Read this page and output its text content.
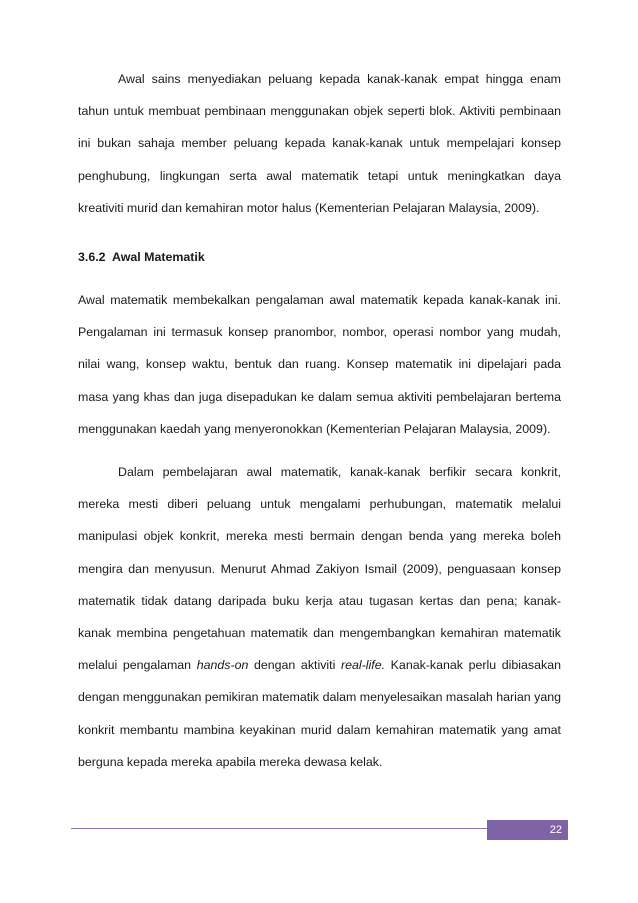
Awal sains menyediakan peluang kepada kanak-kanak empat hingga enam tahun untuk membuat pembinaan menggunakan objek seperti blok. Aktiviti pembinaan ini bukan sahaja member peluang kepada kanak-kanak untuk mempelajari konsep penghubung, lingkungan serta awal matematik tetapi untuk meningkatkan daya kreativiti murid dan kemahiran motor halus (Kementerian Pelajaran Malaysia, 2009).

3.6.2  Awal Matematik

Awal matematik membekalkan pengalaman awal matematik kepada kanak-kanak ini. Pengalaman ini termasuk konsep pranombor, nombor, operasi nombor yang mudah, nilai wang, konsep waktu, bentuk dan ruang. Konsep matematik ini dipelajari pada masa yang khas dan juga disepadukan ke dalam semua aktiviti pembelajaran bertema menggunakan kaedah yang menyeronokkan (Kementerian Pelajaran Malaysia, 2009).

Dalam pembelajaran awal matematik, kanak-kanak berfikir secara konkrit, mereka mesti diberi peluang untuk mengalami perhubungan, matematik melalui manipulasi objek konkrit, mereka mesti bermain dengan benda yang mereka boleh mengira dan menyusun. Menurut Ahmad Zakiyon Ismail (2009), penguasaan konsep matematik tidak datang daripada buku kerja atau tugasan kertas dan pena; kanak-kanak membina pengetahuan matematik dan mengembangkan kemahiran matematik melalui pengalaman hands-on dengan aktiviti real-life. Kanak-kanak perlu dibiasakan dengan menggunakan pemikiran matematik dalam menyelesaikan masalah harian yang konkrit membantu mambina keyakinan murid dalam kemahiran matematik yang amat berguna kepada mereka apabila mereka dewasa kelak.

22
